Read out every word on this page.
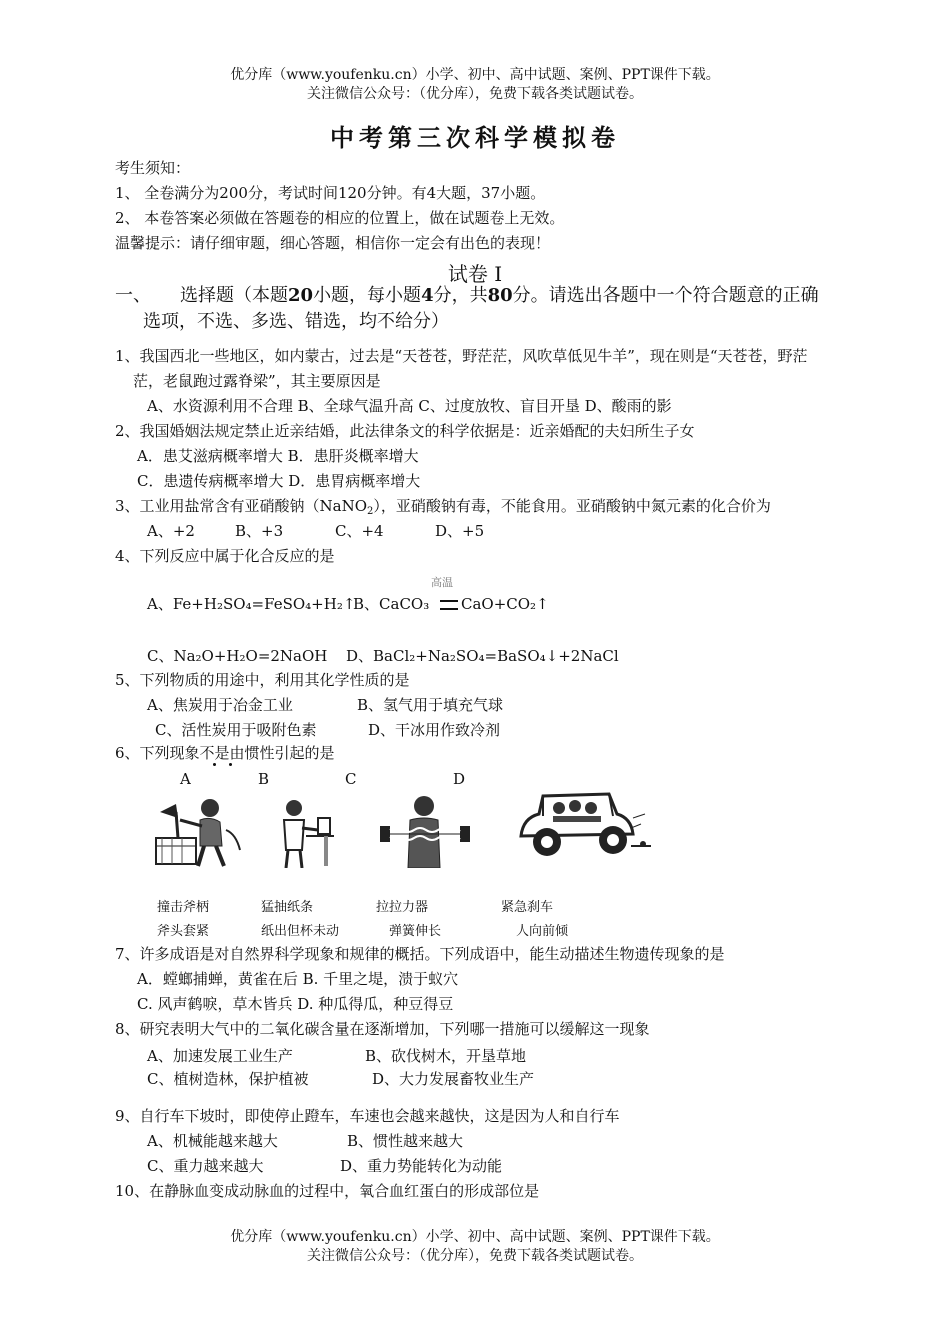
优分库（www.youfenku.cn）小学、初中、高中试题、案例、PPT课件下载。
关注微信公众号：（优分库），免费下载各类试题试卷。
中考第三次科学模拟卷
考生须知：
1、 全卷满分为200分，考试时间120分钟。有4大题，37小题。
2、 本卷答案必须做在答题卷的相应的位置上，做在试题卷上无效。
温馨提示：请仔细审题，细心答题，相信你一定会有出色的表现！
试卷 I
一、 选择题（本题20小题，每小题4分，共80分。请选出各题中一个符合题意的正确
选项，不选、多选、错选，均不给分）
1、我国西北一些地区，如内蒙古，过去是“天苍苍，野茫茫，风吹草低见牛羊”，现在则是“天苍苍，野茫
茫，老鼠跑过露脊梁”，其主要原因是
A、水资源利用不合理 B、全球气温升高 C、过度放牧、盲目开垦 D、酸雨的影
2、我国婚姻法规定禁止近亲结婚，此法律条文的科学依据是：近亲婚配的夫妇所生子女
A．患艾滋病概率增大 B．患肝炎概率增大
C．患遗传病概率增大 D．患胃病概率增大
3、工业用盐常含有亚硝酸钠（NaNO$_2$），亚硝酸钠有毒，不能食用。亚硝酸钠中氮元素的化合价为
A、+2	B、+3	C、+4	D、+5
4、下列反应中属于化合反应的是
高温
A、Fe+H₂SO₄=FeSO₄+H₂↑
B、CaCO₃ CaO+CO₂↑
C、Na₂O+H₂O=2NaOH D、BaCl₂+Na₂SO₄=BaSO₄↓+2NaCl
5、下列物质的用途中，利用其化学性质的是
A、焦炭用于冶金工业	B、氢气用于填充气球
C、活性炭用于吸附色素	D、干冰用作致冷剂
6、下列现象不是由惯性引起的是
A	B	C	D
撞击斧柄	猛抽纸条	拉拉力器	紧急刹车
斧头套紧	纸出但杯未动	弹簧伸长	人向前倾
7、许多成语是对自然界科学现象和规律的概括。下列成语中，能生动描述生物遗传现象的是
A．螳螂捕蝉，黄雀在后 B. 千里之堤，溃于蚁穴
C. 风声鹤唳，草木皆兵 D. 种瓜得瓜，种豆得豆
8、研究表明大气中的二氧化碳含量在逐渐增加，下列哪一措施可以缓解这一现象
A、加速发展工业生产	B、砍伐树木，开垦草地
C、植树造林，保护植被	D、大力发展畜牧业生产
9、自行车下坡时，即使停止蹬车，车速也会越来越快，这是因为人和自行车
A、机械能越来越大	B、惯性越来越大
C、重力越来越大	D、重力势能转化为动能
10、在静脉血变成动脉血的过程中，氧合血红蛋白的形成部位是
优分库（www.youfenku.cn）小学、初中、高中试题、案例、PPT课件下载。
关注微信公众号：（优分库），免费下载各类试题试卷。
